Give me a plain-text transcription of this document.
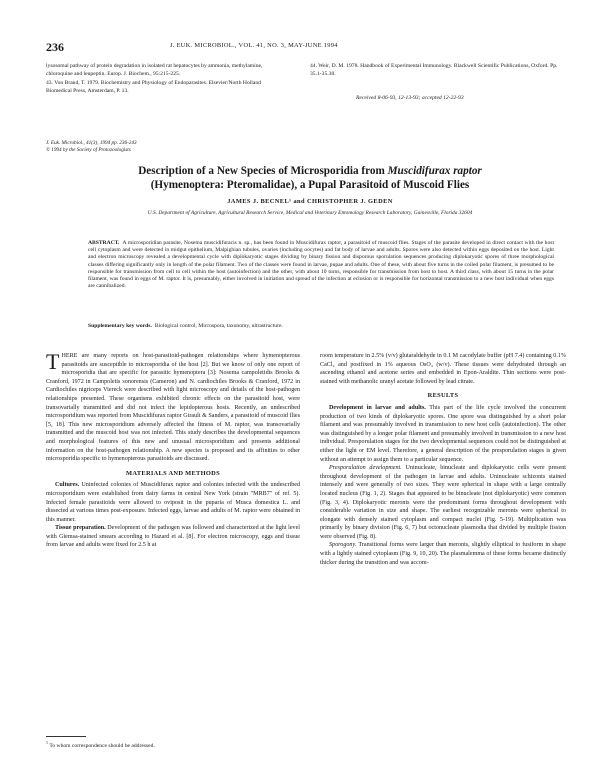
236	J. EUK. MICROBIOL., VOL. 41, NO. 3, MAY-JUNE 1994

lysosomal pathway of protein degradation in isolated rat hepatocytes by ammonia, methylamine, chloroquine and leupeptin. Europ. J. Biochem., 95:215-225.

43. Von Brand, T. 1979. Biochemistry and Physiology of Endoparasites. Elsevier/North Holland Biomedical Press, Amsterdam, P. 13.

44. Weir, D. M. 1978. Handbook of Experimental Immunology. Blackwell Scientific Publications, Oxford. Pp. 35.1-35.30.

Received 8-06-93, 12-13-93; accepted 12-22-93
J. Euk. Microbiol., 41(3), 1994 pp. 236-243
© 1994 by the Society of Protozoologists
Description of a New Species of Microsporidia from Muscidifurax raptor
(Hymenoptera: Pteromalidae), a Pupal Parasitoid of Muscoid Flies
JAMES J. BECNEL¹ and CHRISTOPHER J. GEDEN
U.S. Department of Agriculture, Agricultural Research Service, Medical and Veterinary Entomology Research Laboratory, Gainesville, Florida 32604
ABSTRACT. A microsporidian parasite, Nosema muscidifuracis n. sp., has been found in Muscidifurax raptor, a parasitoid of muscoid flies. Stages of the parasite developed in direct contact with the host cell cytoplasm and were detected in midgut epithelium, Malpighian tubules, ovaries (including oocytes) and fat body of larvae and adults. Spores were also detected within eggs deposited on the host. Light and electron microscopy revealed a developmental cycle with diplokaryotic stages dividing by binary fission and disporous sporulation sequences producing diplokaryotic spores of three morphological classes differing significantly only in length of the polar filament. Two of the classes were found in larvae, pupae and adults. One of these, with about five turns in the coiled polar filament, is presumed to be responsible for transmission from cell to cell within the host (autoinfection) and the other, with about 10 turns, responsible for transmission from host to host. A third class, with about 15 turns in the polar filament, was found in eggs of M. raptor. It is, presumably, either involved in initiation and spread of the infection at eclosion or is responsible for horizontal transmission to a new host individual when eggs are cannibalized.
Supplementary key words. Biological control, Microspora, taxonomy, ultrastructure.

THERE are many reports on host-parasitoid-pathogen relationships where hymenopterous parasitoids are susceptible to microsporidia of the host [2]. But we know of only one report of microsporidia that are specific for parasitic hymenoptera [3]: Nosema campoletidis Brooks & Cranford, 1972 in Campoletis sonorensis (Cameron) and N. cardiochiles Brooks & Cranford, 1972 in Cardiochiles nigriceps Viereck were described with light microscopy and details of the host-pathogen relationships presented. These organisms exhibited chronic effects on the parasitoid host, were transovarially transmitted and did not infect the lepidopterous hosts. Recently, an undescribed microsporidium was reported from Muscidifurax raptor Girault & Sanders, a parasitoid of muscoid flies [5, 18]. This new microsporidium adversely affected the fitness of M. raptor, was transovarially transmitted and the muscoid host was not infected. This study describes the developmental sequences and morphological features of this new and unusual microsporidium and presents additional information on the host-pathogen relationship. A new species is proposed and its affinities to other microsporidia specific to hymenopterous parasitoids are discussed.

MATERIALS AND METHODS

Cultures. Uninfected colonies of Muscidifurax raptor and colonies infected with the undescribed microsporidium were established from dairy farms in central New York (strain "MRB7" of ref. 5). Infected female parasitoids were allowed to oviposit in the puparia of Musca domestica L. and dissected at various times post-exposure. Infected eggs, larvae and adults of M. raptor were obtained in this manner.

Tissue preparation. Development of the pathogen was followed and characterized at the light level with Giemsa-stained smears according to Hazard et al. [8]. For electron microscopy, eggs and tissue from larvae and adults were fixed for 2.5 h at

room temperature in 2.5% (v/v) glutaraldehyde in 0.1 M cacodylate buffer (pH 7.4) containing 0.1% CaCl₂ and postfixed in 1% aqueous OsO₄ (w/v). These tissues were dehydrated through an ascending ethanol and acetone series and embedded in Epon-Araldite. Thin sections were post-stained with methanolic uranyl acetate followed by lead citrate.

RESULTS

Development in larvae and adults. This part of the life cycle involved the concurrent production of two kinds of diplokaryotic spores. One spore was distinguished by a short polar filament and was presumably involved in transmission to new host cells (autoinfection). The other was distinguished by a longer polar filament and presumably involved in transmission to a new host individual. Presporulation stages for the two developmental sequences could not be distinguished at either the light or EM level. Therefore, a general description of the presporulation stages is given without an attempt to assign them to a particular sequence.

Presporulation development. Uninucleate, binucleate and diplokaryotic cells were present throughout development of the pathogen in larvae and adults. Uninucleate schizonts stained intensely and were generally of two sizes. They were spherical in shape with a large centrally located nucleus (Fig. 1, 2). Stages that appeared to be binucleate (not diplokaryotic) were common (Fig. 3, 4). Diplokaryotic meronts were the predominant forms throughout development with considerable variation in size and shape. The earliest recognizable meronts were spherical to elongate with densely stained cytoplasm and compact nuclei (Fig. 5-19). Multiplication was primarily by binary division (Fig. 6, 7) but octonucleate plasmodia that divided by multiple fission were observed (Fig. 8).

Sporogony. Transitional forms were larger than meronts, slightly elliptical to fusiform in shape with a lightly stained cytoplasm (Fig. 9, 10, 20). The plasmalemma of these forms became distinctly thicker during the transition and was accom-

$^1$ To whom correspondence should be addressed.
